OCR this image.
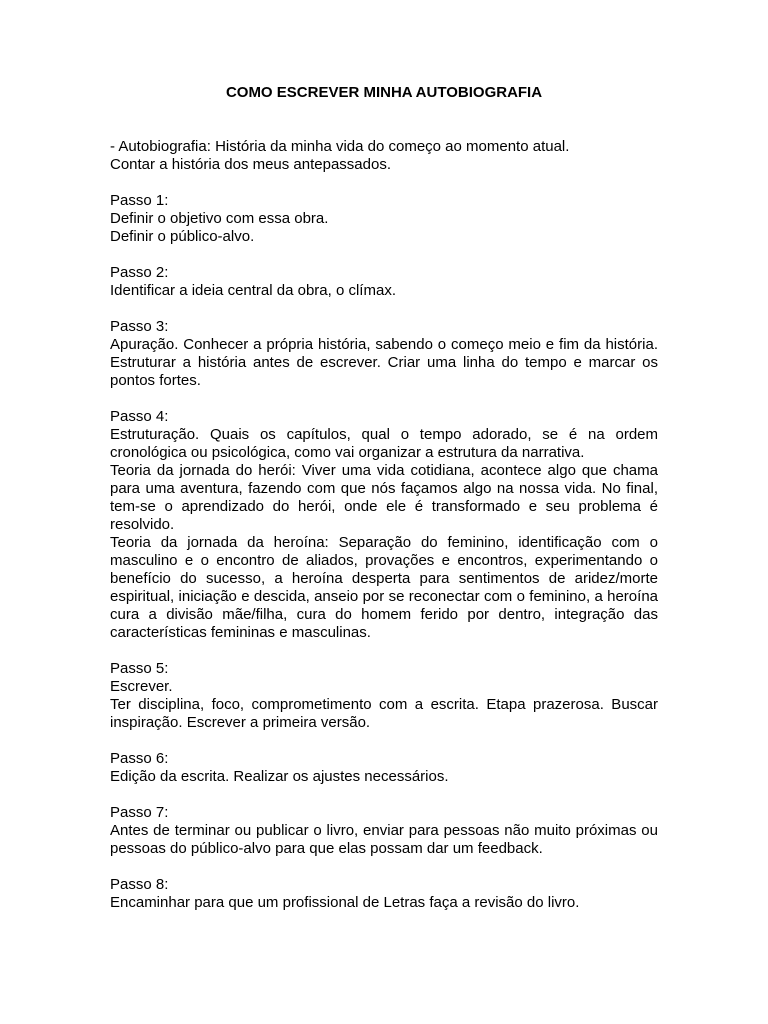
COMO ESCREVER MINHA AUTOBIOGRAFIA

- Autobiografia: História da minha vida do começo ao momento atual.

Contar a história dos meus antepassados.

Passo 1:

Definir o objetivo com essa obra.

Definir o público-alvo.

Passo 2:

Identificar a ideia central da obra, o clímax.

Passo 3:

Apuração. Conhecer a própria história, sabendo o começo meio e fim da história. Estruturar a história antes de escrever. Criar uma linha do tempo e marcar os pontos fortes.

Passo 4:

Estruturação. Quais os capítulos, qual o tempo adorado, se é na ordem cronológica ou psicológica, como vai organizar a estrutura da narrativa.

Teoria da jornada do herói: Viver uma vida cotidiana, acontece algo que chama para uma aventura, fazendo com que nós façamos algo na nossa vida. No final, tem-se o aprendizado do herói, onde ele é transformado e seu problema é resolvido.

Teoria da jornada da heroína: Separação do feminino, identificação com o masculino e o encontro de aliados, provações e encontros, experimentando o benefício do sucesso, a heroína desperta para sentimentos de aridez/morte espiritual, iniciação e descida, anseio por se reconectar com o feminino, a heroína cura a divisão mãe/filha, cura do homem ferido por dentro, integração das características femininas e masculinas.

Passo 5:

Escrever.

Ter disciplina, foco, comprometimento com a escrita. Etapa prazerosa. Buscar inspiração. Escrever a primeira versão.

Passo 6:

Edição da escrita. Realizar os ajustes necessários.

Passo 7:

Antes de terminar ou publicar o livro, enviar para pessoas não muito próximas ou pessoas do público-alvo para que elas possam dar um feedback.

Passo 8:

Encaminhar para que um profissional de Letras faça a revisão do livro.
